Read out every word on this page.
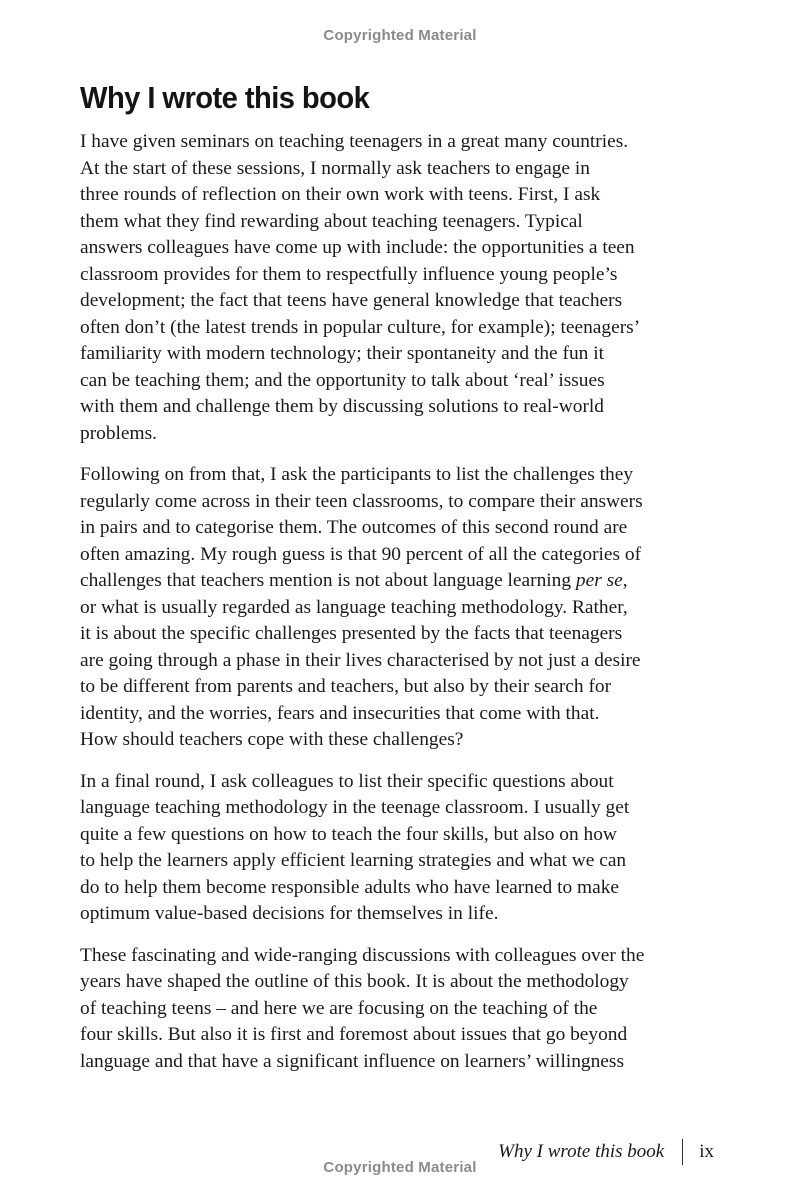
Copyrighted Material
Why I wrote this book

I have given seminars on teaching teenagers in a great many countries.
At the start of these sessions, I normally ask teachers to engage in
three rounds of reflection on their own work with teens. First, I ask
them what they find rewarding about teaching teenagers. Typical
answers colleagues have come up with include: the opportunities a teen
classroom provides for them to respectfully influence young people’s
development; the fact that teens have general knowledge that teachers
often don’t (the latest trends in popular culture, for example); teenagers’
familiarity with modern technology; their spontaneity and the fun it
can be teaching them; and the opportunity to talk about ‘real’ issues
with them and challenge them by discussing solutions to real-world
problems.

Following on from that, I ask the participants to list the challenges they
regularly come across in their teen classrooms, to compare their answers
in pairs and to categorise them. The outcomes of this second round are
often amazing. My rough guess is that 90 percent of all the categories of
challenges that teachers mention is not about language learning per se,
or what is usually regarded as language teaching methodology. Rather,
it is about the specific challenges presented by the facts that teenagers
are going through a phase in their lives characterised by not just a desire
to be different from parents and teachers, but also by their search for
identity, and the worries, fears and insecurities that come with that.
How should teachers cope with these challenges?

In a final round, I ask colleagues to list their specific questions about
language teaching methodology in the teenage classroom. I usually get
quite a few questions on how to teach the four skills, but also on how
to help the learners apply efficient learning strategies and what we can
do to help them become responsible adults who have learned to make
optimum value-based decisions for themselves in life.

These fascinating and wide-ranging discussions with colleagues over the
years have shaped the outline of this book. It is about the methodology
of teaching teens – and here we are focusing on the teaching of the
four skills. But also it is first and foremost about issues that go beyond
language and that have a significant influence on learners’ willingness

Why I wrote this book ix
Copyrighted Material
